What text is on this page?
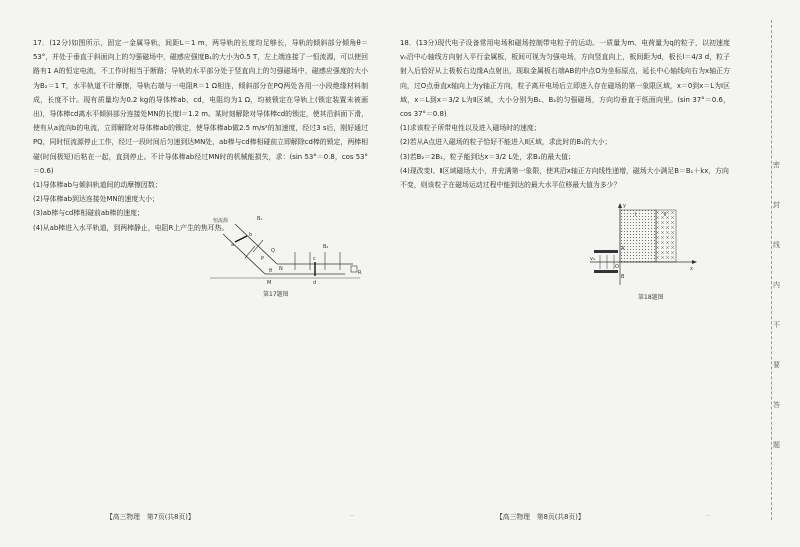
17．(12分)如图所示，固定一金属导轨，间距L＝1 m，两导轨的长度均足够长，导轨的倾斜部分倾角θ＝53°，并处于垂直于斜面向上的匀强磁场中，磁感应强度B₁的大小为0.5 T，左上端连接了一恒流源，可以使回路有1 A的恒定电流，不工作时相当于断路；导轨的水平部分处于竖直向上的匀强磁场中，磁感应强度的大小为B₂＝1 T，水平轨道不计摩擦，导轨右端与一电阻R＝1 Ω相连，倾斜部分在PQ两处各用一小段绝缘材料制成，长度不计。现有质量均为0.2 kg的导体棒ab、cd，电阻均为1 Ω，均被锁定在导轨上(锁定装置未被画出)，导体棒cd离水平倾斜部分连接处MN的长度l＝1.2 m。某时刻解除对导体棒cd的锁定，使其沿斜面下滑，使有从a流向b的电流，立即解除对导体棒ab的锁定，使导体棒ab做2.5 m/s²的加速度，经过3 s后，刚好通过PQ，同时恒流源停止工作，经过一段时间后匀速到达MN处，ab棒与cd棒相碰前立即解除cd棒的锁定，两棒相碰(时间极短)后粘在一起，直到停止。不计导体棒ab经过MN时的机械能损失，求：(sin 53°＝0.8，cos 53°＝0.6)

(1)导体棒ab与倾斜轨道间的动摩擦因数；

(2)导体棒ab到达连接处MN的速度大小；

(3)ab棒与cd棒相碰前ab棒的速度；

(4)从ab棒进入水平轨道，到两棒静止，电阻R上产生的焦耳热。

恒流源	B₁
B₂
a
b
c
d
P
Q
M
N
R
θ
第17题图

18．(13分)现代电子设备常用电场和磁场控制带电粒子的运动。一质量为m、电荷量为q的粒子，以初速度v₀沿中心轴线方向射入平行金属板，板间可视为匀强电场，方向竖直向上，板间距为d，板长l＝4/3 d，粒子射入后恰好从上极板右边缘A点射出，现取金属板右端AB的中点O为坐标原点，延长中心轴线向右为x轴正方向，过O点垂直x轴向上为y轴正方向，粒子离开电场后立即进入存在磁场的第一象限区域，x＝0到x＝L为Ⅰ区域，x＝L到x＝3/2 L为Ⅱ区域，大小分别为B₁、B₂的匀强磁场，方向均垂直于纸面向里。(sin 37°＝0.6，cos 37°＝0.8)

(1)求该粒子所带电性以及进入磁场时的速度；

(2)若从A点进入磁场的粒子恰好不能进入Ⅱ区域，求此时的B₁的大小；

(3)若B₂＝2B₁，粒子能到达x＝3/2 L处，求B₁的最大值；

(4)现改变Ⅰ、Ⅱ区域磁场大小，并充满第一象限，使其沿x轴正方向线性递增，磁场大小满足B＝B₁＋kx，方向不变，则该粒子在磁场运动过程中能到达的最大水平位移最大值为多少？

y
x
O
A
B
v₀
Ⅰ	Ⅱ
第18题图
【高三物理　第7页(共8页)】	【高三物理　第8页(共8页)】
..	..
密
封
线
内
不
要
答
题
